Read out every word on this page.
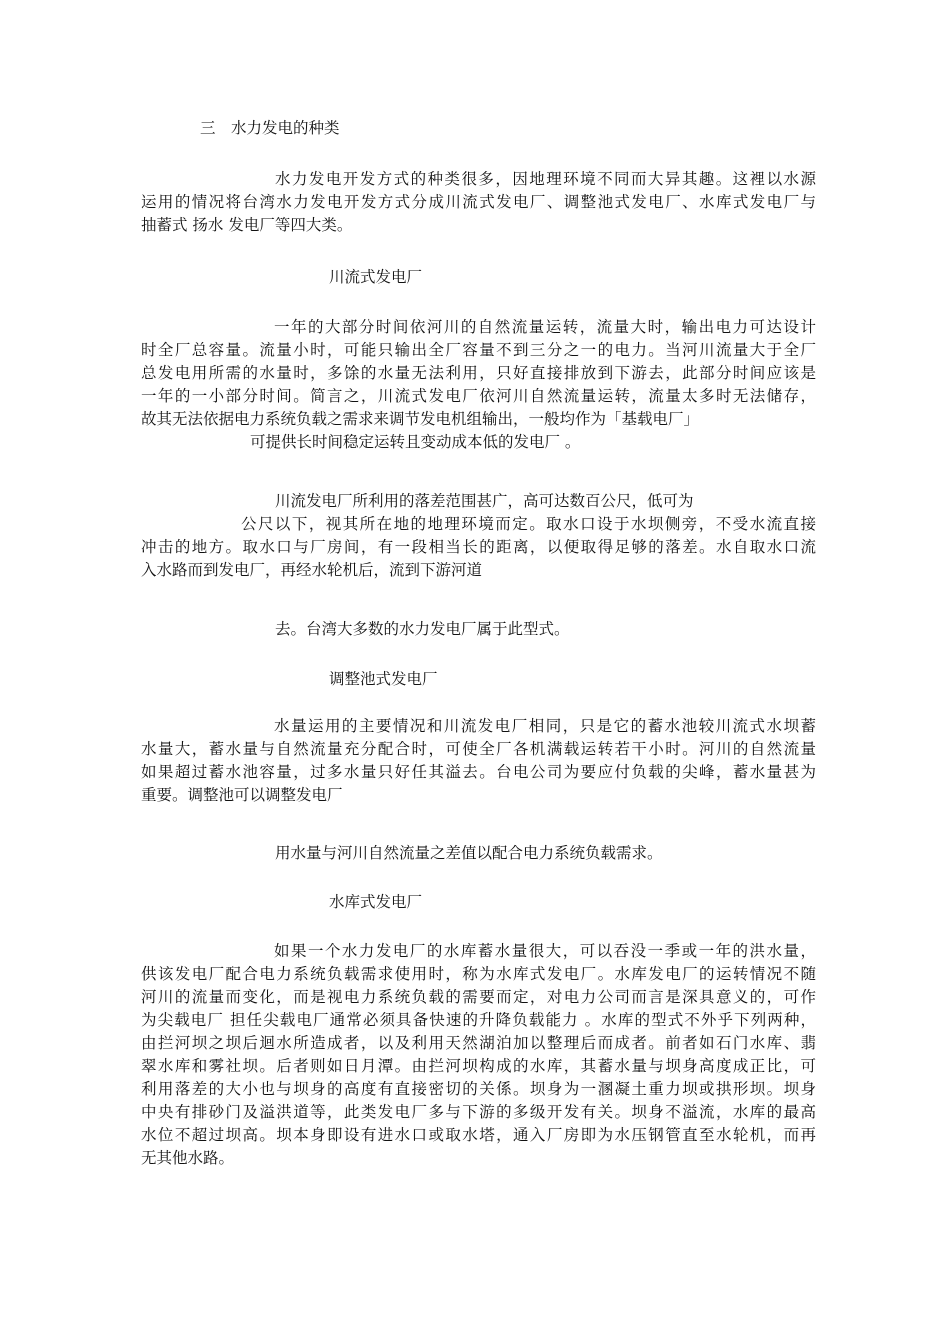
三　水力发电的种类
水力发电开发方式的种类很多，因地理环境不同而大异其趣。这裡以水源
运用的情况将台湾水力发电开发方式分成川流式发电厂、调整池式发电厂、水库式发电厂与
抽蓄式 扬水 发电厂等四大类。
川流式发电厂
一年的大部分时间依河川的自然流量运转，流量大时，输出电力可达设计
时全厂总容量。流量小时，可能只输出全厂容量不到三分之一的电力。当河川流量大于全厂
总发电用所需的水量时，多馀的水量无法利用，只好直接排放到下游去，此部分时间应该是
一年的一小部分时间。简言之，川流式发电厂依河川自然流量运转，流量太多时无法储存，
故其无法依据电力系统负载之需求来调节发电机组输出，一般均作为「基载电厂」
可提供长时间稳定运转且变动成本低的发电厂 。
川流发电厂所利用的落差范围甚广，高可达数百公尺，低可为
公尺以下，视其所在地的地理环境而定。取水口设于水坝侧旁，不受水流直接
冲击的地方。取水口与厂房间，有一段相当长的距离，以便取得足够的落差。水自取水口流
入水路而到发电厂，再经水轮机后，流到下游河道
去。台湾大多数的水力发电厂属于此型式。
调整池式发电厂
水量运用的主要情况和川流发电厂相同，只是它的蓄水池较川流式水坝蓄
水量大，蓄水量与自然流量充分配合时，可使全厂各机满载运转若干小时。河川的自然流量
如果超过蓄水池容量，过多水量只好任其溢去。台电公司为要应付负载的尖峰，蓄水量甚为
重要。调整池可以调整发电厂
用水量与河川自然流量之差值以配合电力系统负载需求。
水库式发电厂
如果一个水力发电厂的水库蓄水量很大，可以吞没一季或一年的洪水量，
供该发电厂配合电力系统负载需求使用时，称为水库式发电厂。水库发电厂的运转情况不随
河川的流量而变化，而是视电力系统负载的需要而定，对电力公司而言是深具意义的，可作
为尖载电厂 担任尖载电厂通常必须具备快速的升降负载能力 。水库的型式不外乎下列两种，
由拦河坝之坝后迴水所造成者，以及利用天然湖泊加以整理后而成者。前者如石门水库、翡
翠水库和雾社坝。后者则如日月潭。由拦河坝构成的水库，其蓄水量与坝身高度成正比，可
利用落差的大小也与坝身的高度有直接密切的关係。坝身为一溷凝土重力坝或拱形坝。坝身
中央有排砂门及溢洪道等，此类发电厂多与下游的多级开发有关。坝身不溢流，水库的最高
水位不超过坝高。坝本身即设有进水口或取水塔，通入厂房即为水压钢管直至水轮机，而再
无其他水路。
